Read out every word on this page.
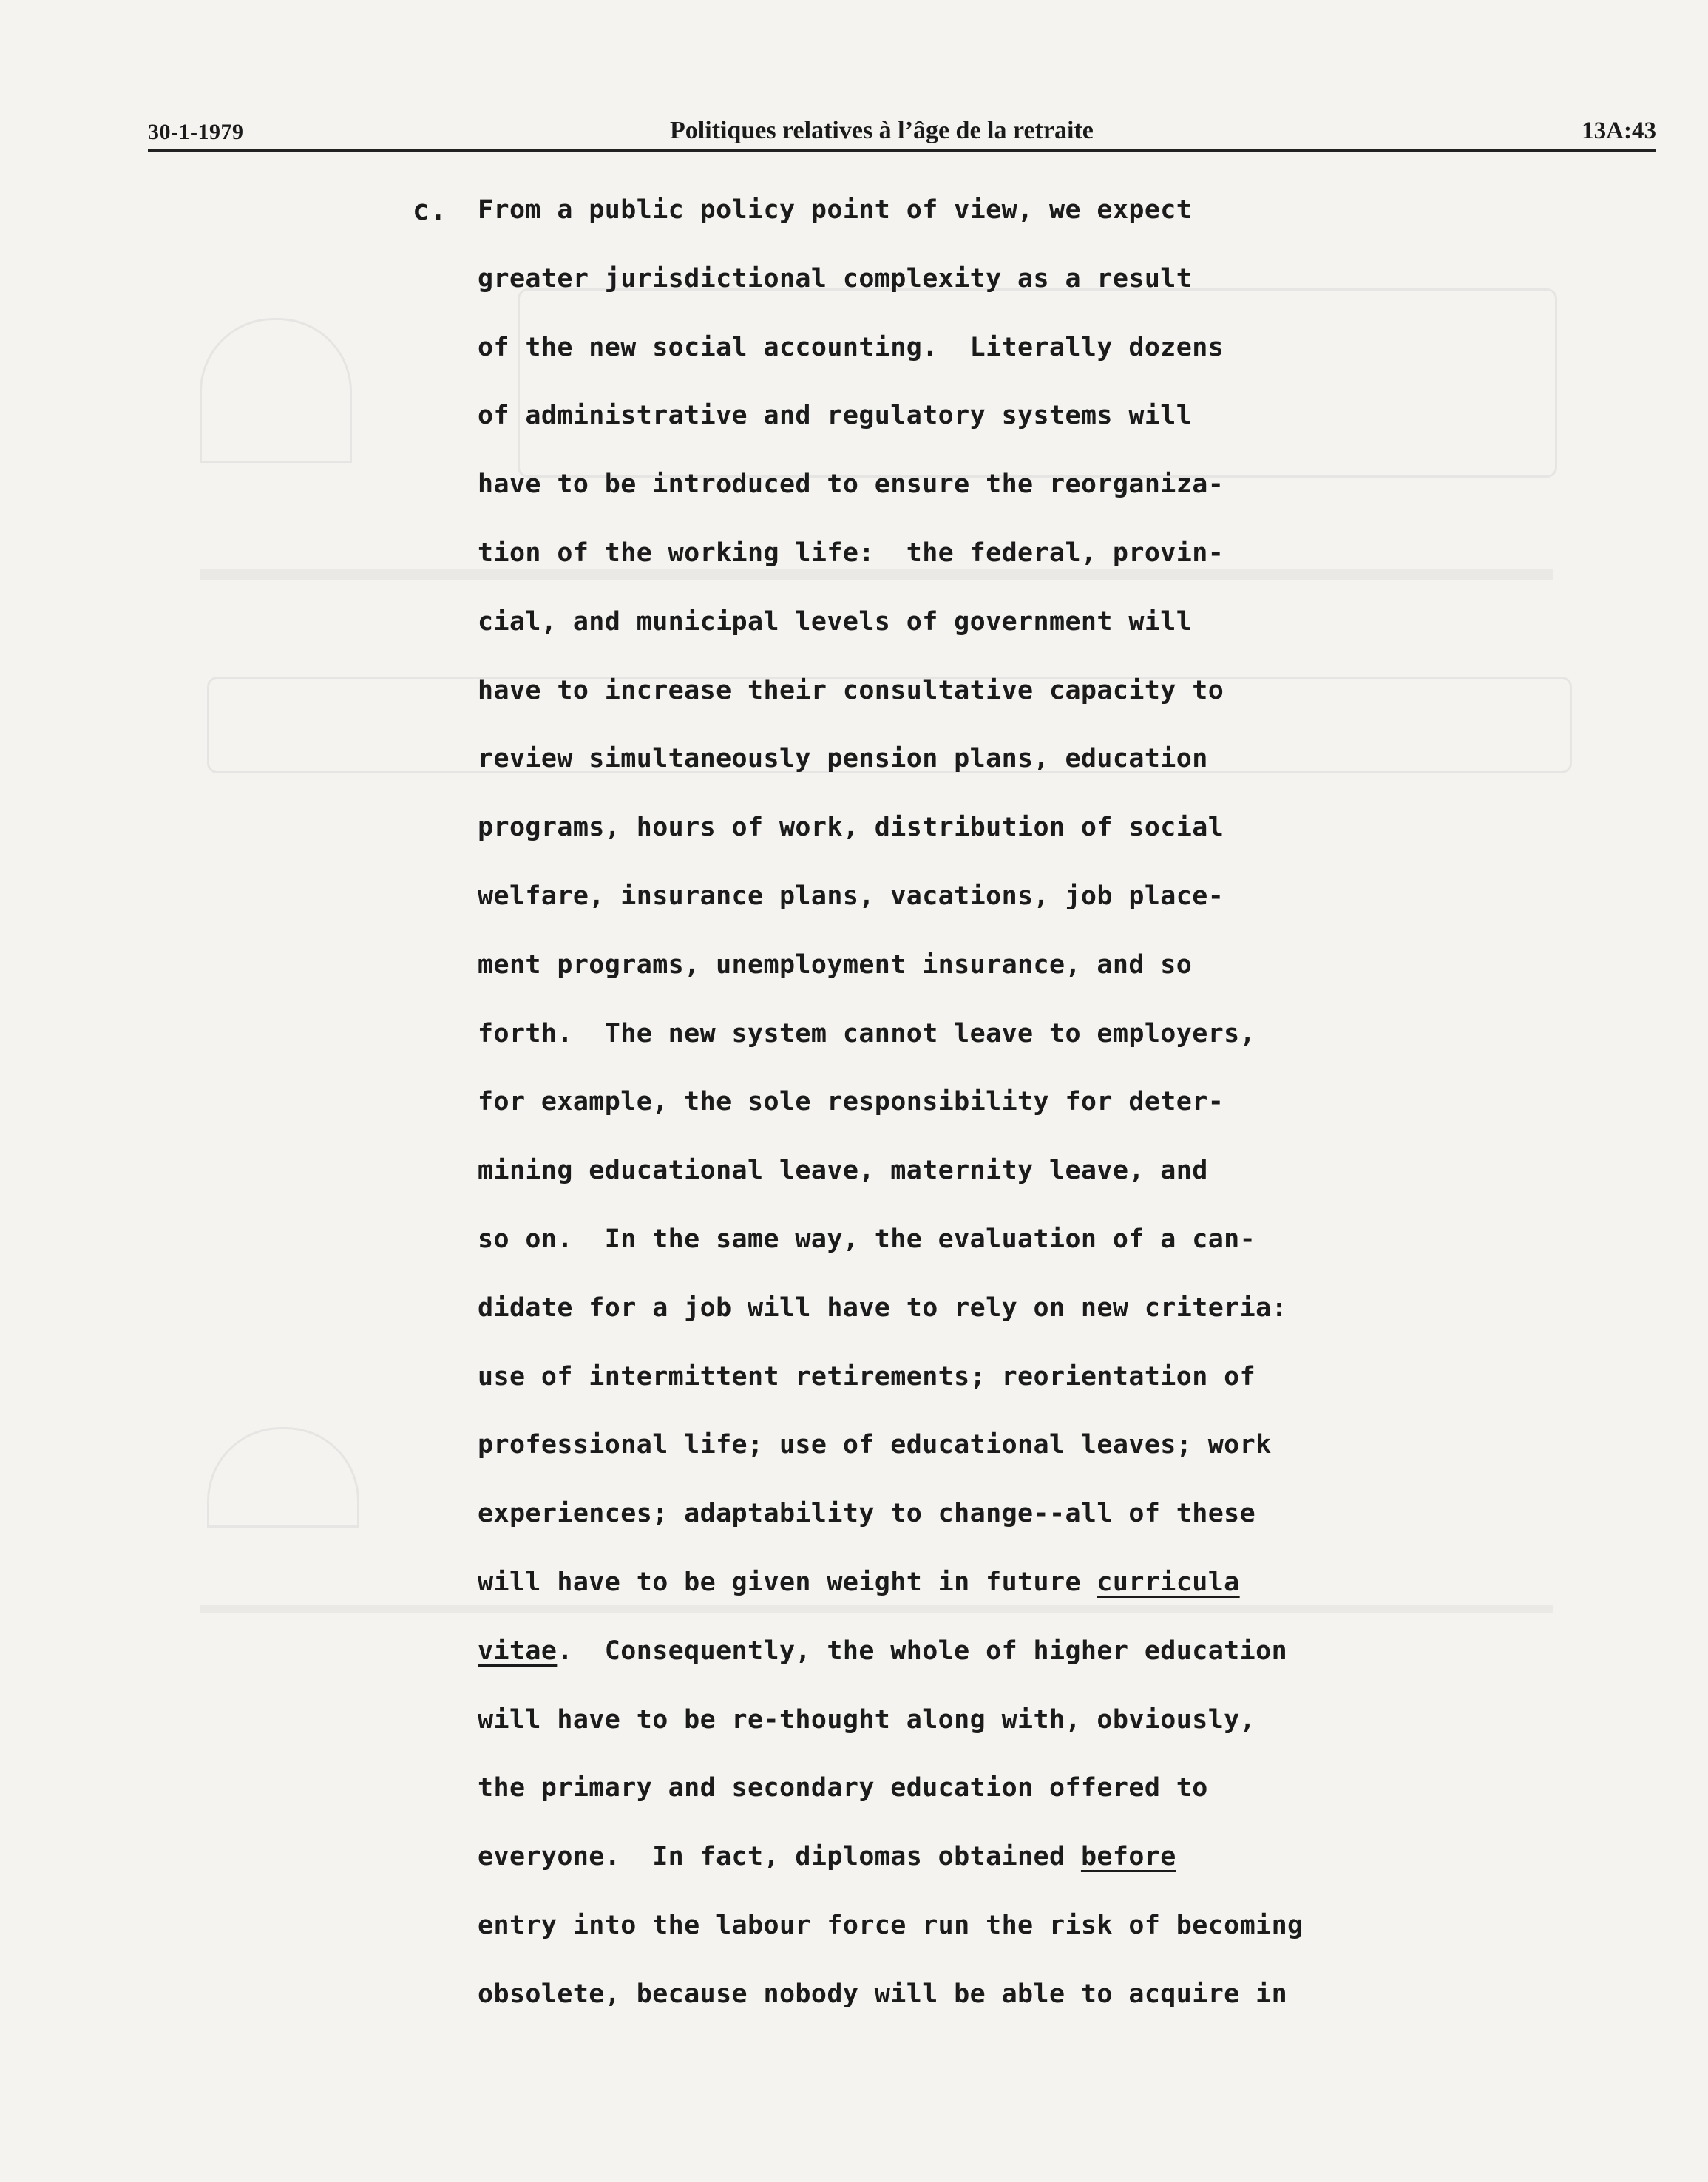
30-1-1979	Politiques relatives à l’âge de la retraite	13A:43
c. From a public policy point of view, we expect
greater jurisdictional complexity as a result
of the new social accounting.  Literally dozens
of administrative and regulatory systems will
have to be introduced to ensure the reorganiza-
tion of the working life:  the federal, provin-
cial, and municipal levels of government will
have to increase their consultative capacity to
review simultaneously pension plans, education
programs, hours of work, distribution of social
welfare, insurance plans, vacations, job place-
ment programs, unemployment insurance, and so
forth.  The new system cannot leave to employers,
for example, the sole responsibility for deter-
mining educational leave, maternity leave, and
so on.  In the same way, the evaluation of a can-
didate for a job will have to rely on new criteria:
use of intermittent retirements; reorientation of
professional life; use of educational leaves; work
experiences; adaptability to change--all of these
will have to be given weight in future curricula
vitae.  Consequently, the whole of higher education
will have to be re-thought along with, obviously,
the primary and secondary education offered to
everyone.  In fact, diplomas obtained before
entry into the labour force run the risk of becoming
obsolete, because nobody will be able to acquire in
